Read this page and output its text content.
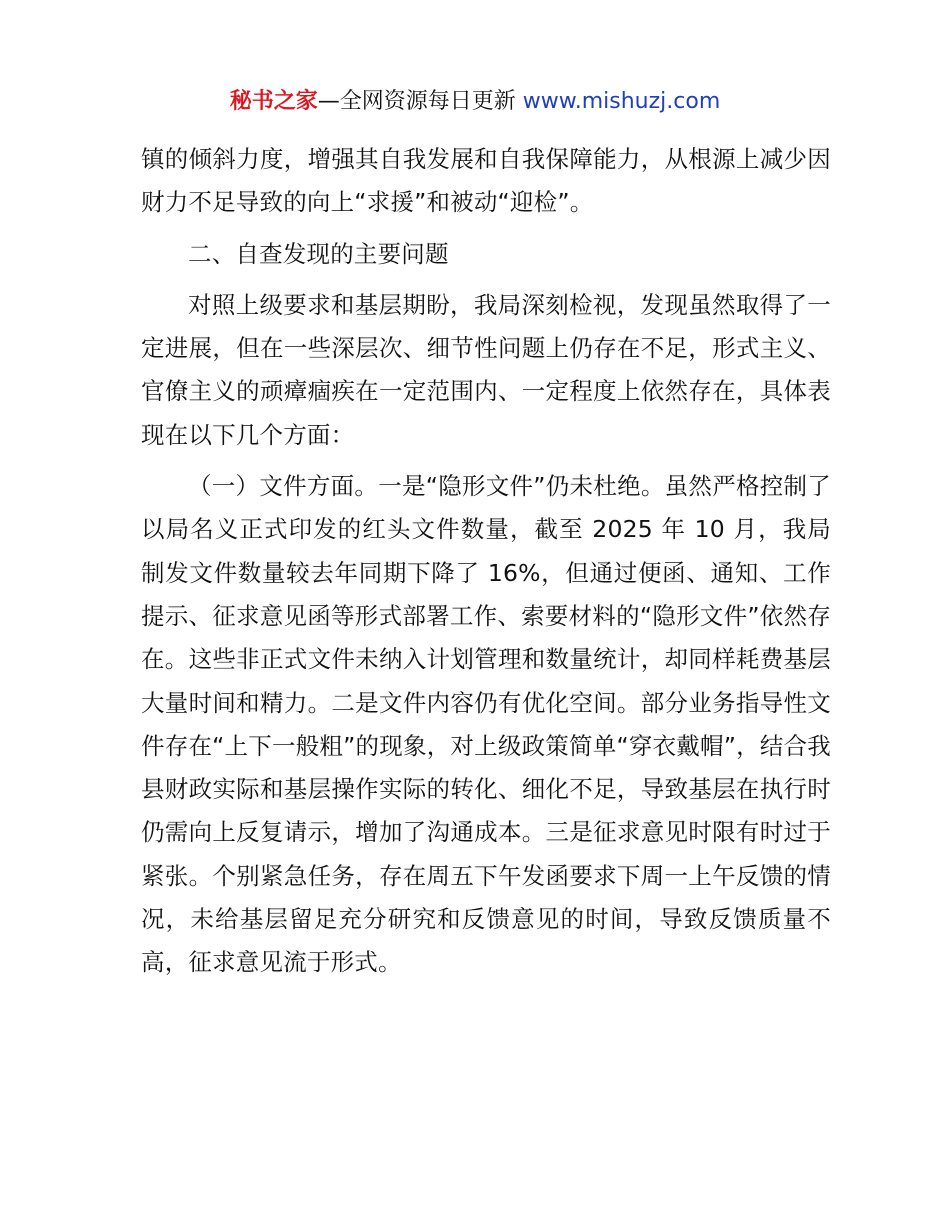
秘书之家—全网资源每日更新 www.mishuzj.com

镇的倾斜力度，增强其自我发展和自我保障能力，从根源上减少因财力不足导致的向上“求援”和被动“迎检”。

二、自查发现的主要问题

对照上级要求和基层期盼，我局深刻检视，发现虽然取得了一定进展，但在一些深层次、细节性问题上仍存在不足，形式主义、官僚主义的顽瘴痼疾在一定范围内、一定程度上依然存在，具体表现在以下几个方面：

（一）文件方面。一是“隐形文件”仍未杜绝。虽然严格控制了以局名义正式印发的红头文件数量，截至 2025 年 10 月，我局制发文件数量较去年同期下降了 16%，但通过便函、通知、工作提示、征求意见函等形式部署工作、索要材料的“隐形文件”依然存在。这些非正式文件未纳入计划管理和数量统计，却同样耗费基层大量时间和精力。二是文件内容仍有优化空间。部分业务指导性文件存在“上下一般粗”的现象，对上级政策简单“穿衣戴帽”，结合我县财政实际和基层操作实际的转化、细化不足，导致基层在执行时仍需向上反复请示，增加了沟通成本。三是征求意见时限有时过于紧张。个别紧急任务，存在周五下午发函要求下周一上午反馈的情况，未给基层留足充分研究和反馈意见的时间，导致反馈质量不高，征求意见流于形式。
